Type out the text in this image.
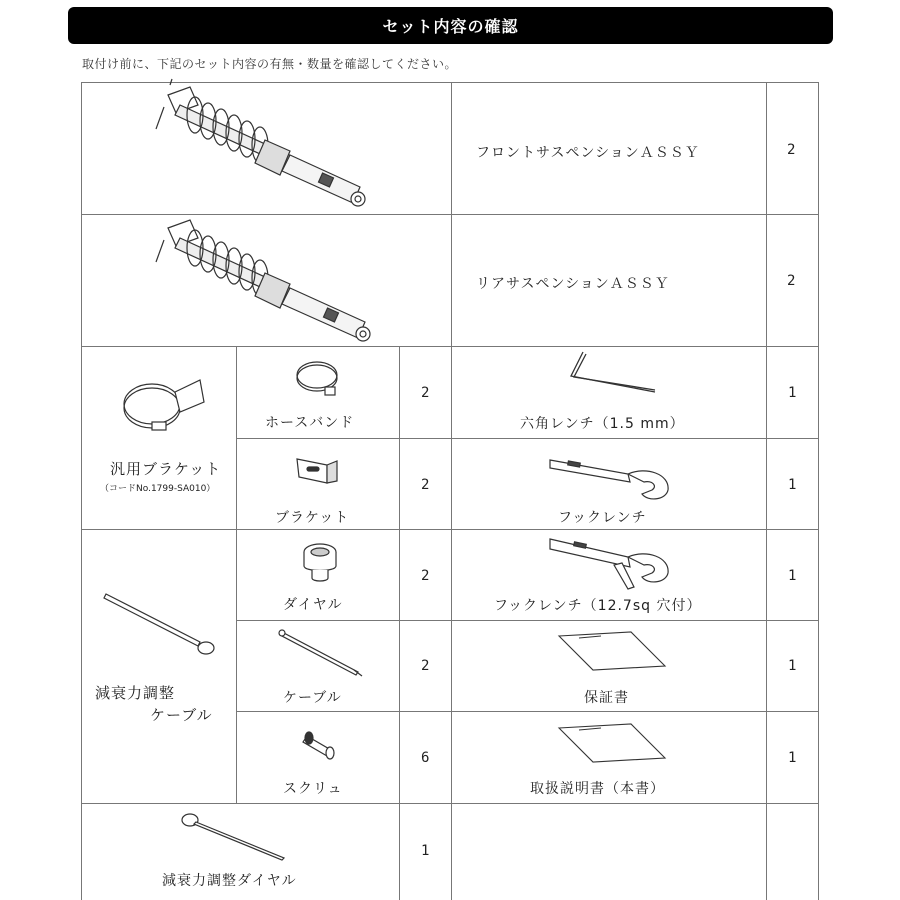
セット内容の確認
取付け前に、下記のセット内容の有無・数量を確認してください。
フロントサスペンションＡＳＳＹ	2
リアサスペンションＡＳＳＹ	2
汎用ブラケット
（コードNo.1799-SA010）
ホースバンド
2
六角レンチ（1.5 mm）
1
ブラケット
2
フックレンチ
1
減衰力調整
ケーブル
ダイヤル
2
フックレンチ（12.7sq 穴付）
1
ケーブル
2
保証書
1
スクリュ
6
取扱説明書（本書）
1
減衰力調整ダイヤル
1
